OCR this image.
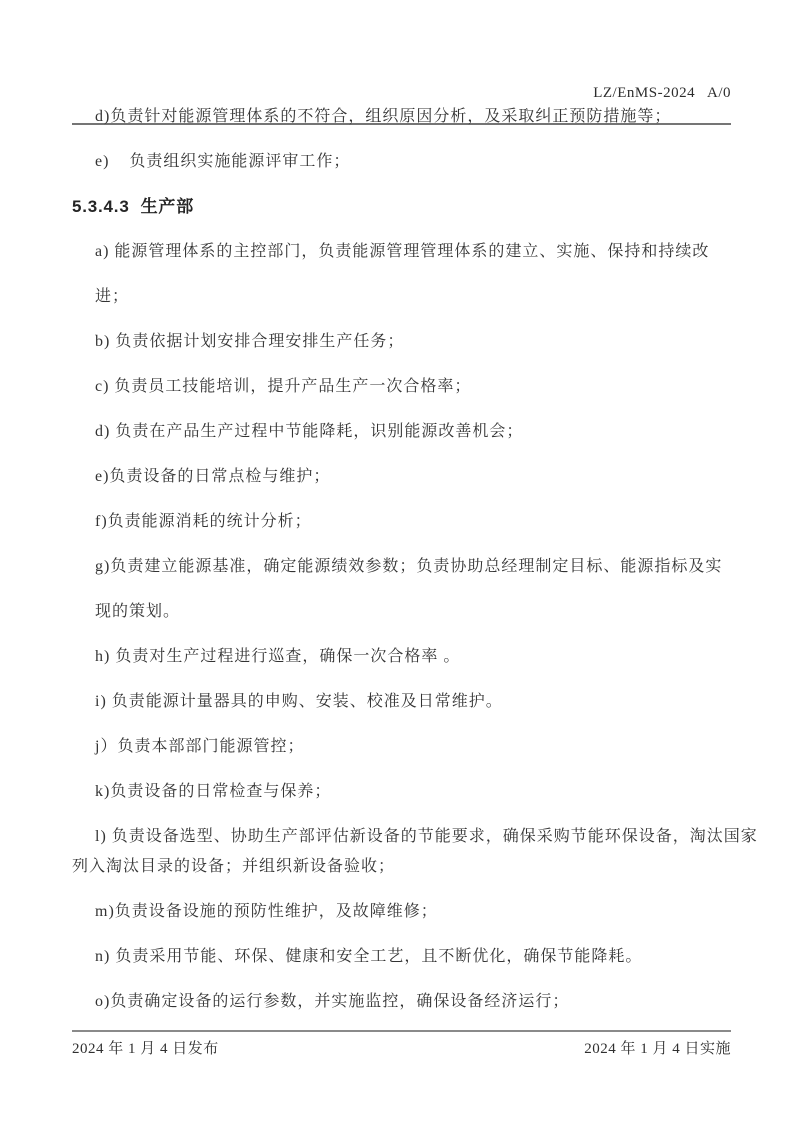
LZ/EnMS-2024   A/0

d)负责针对能源管理体系的不符合，组织原因分析，及采取纠正预防措施等；
e)    负责组织实施能源评审工作；
5.3.4.3  生产部
a) 能源管理体系的主控部门，负责能源管理管理体系的建立、实施、保持和持续改
进；
b) 负责依据计划安排合理安排生产任务；
c) 负责员工技能培训，提升产品生产一次合格率；
d) 负责在产品生产过程中节能降耗，识别能源改善机会；
e)负责设备的日常点检与维护；
f)负责能源消耗的统计分析；
g)负责建立能源基准，确定能源绩效参数；负责协助总经理制定目标、能源指标及实
现的策划。
h) 负责对生产过程进行巡查，确保一次合格率 。
i) 负责能源计量器具的申购、安装、校准及日常维护。
j）负责本部部门能源管控；
k)负责设备的日常检查与保养；
l) 负责设备选型、协助生产部评估新设备的节能要求，确保采购节能环保设备，淘汰国家
列入淘汰目录的设备；并组织新设备验收；
m)负责设备设施的预防性维护，及故障维修；
n) 负责采用节能、环保、健康和安全工艺，且不断优化，确保节能降耗。
o)负责确定设备的运行参数，并实施监控，确保设备经济运行；
2024 年 1 月 4 日发布	2024 年 1 月 4 日实施
